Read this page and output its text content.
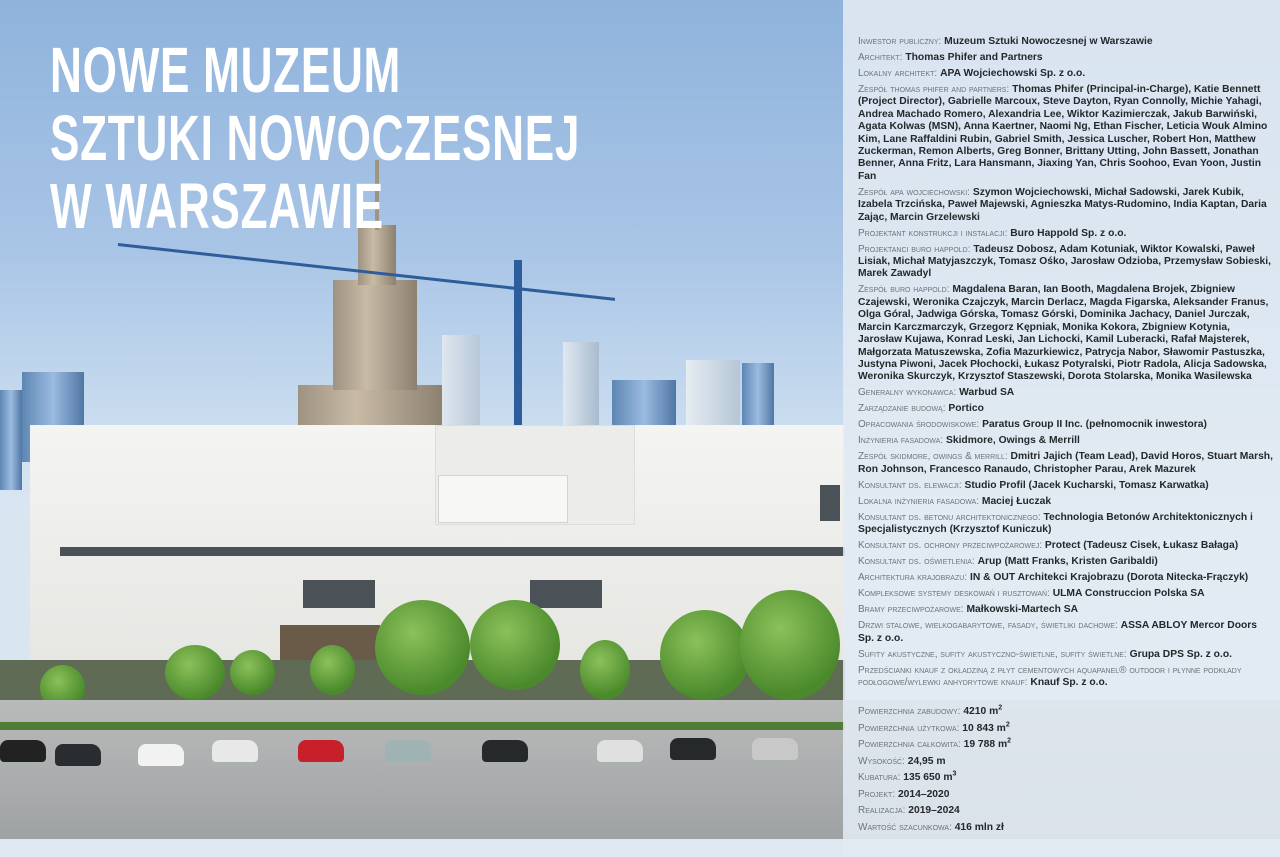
NOWE MUZEUM
SZTUKI NOWOCZESNEJ
W WARSZAWIE
Inwestor publiczny: Muzeum Sztuki Nowoczesnej w Warszawie
Architekt: Thomas Phifer and Partners
Lokalny architekt: APA Wojciechowski Sp. z o.o.
Zespół thomas phifer and partners: Thomas Phifer (Principal-in-Charge), Katie Bennett (Project Director), Gabrielle Marcoux, Steve Dayton, Ryan Connolly, Michie Yahagi, Andrea Machado Romero, Alexandria Lee, Wiktor Kazimierczak, Jakub Barwiński, Agata Kolwas (MSN), Anna Kaertner, Naomi Ng, Ethan Fischer, Leticia Wouk Almino Kim, Lane Raffaldini Rubin, Gabriel Smith, Jessica Luscher, Robert Hon, Matthew Zuckerman, Remon Alberts, Greg Bonner, Brittany Utting, John Bassett, Jonathan Benner, Anna Fritz, Lara Hansmann, Jiaxing Yan, Chris Soohoo, Evan Yoon, Justin Fan
Zespół apa wojciechowski: Szymon Wojciechowski, Michał Sadowski, Jarek Kubik, Izabela Trzcińska, Paweł Majewski, Agnieszka Matys-Rudomino, India Kaptan, Daria Zając, Marcin Grzelewski
Projektant konstrukcji i instalacji: Buro Happold Sp. z o.o.
Projektanci buro happold: Tadeusz Dobosz, Adam Kotuniak, Wiktor Kowalski, Paweł Lisiak, Michał Matyjaszczyk, Tomasz Ośko, Jarosław Odzioba, Przemysław Sobieski, Marek Zawadyl
Zespół buro happold: Magdalena Baran, Ian Booth, Magdalena Brojek, Zbigniew Czajewski, Weronika Czajczyk, Marcin Derlacz, Magda Figarska, Aleksander Franus, Olga Góral, Jadwiga Górska, Tomasz Górski, Dominika Jachacy, Daniel Jurczak, Marcin Karczmarczyk, Grzegorz Kępniak, Monika Kokora, Zbigniew Kotynia, Jarosław Kujawa, Konrad Leski, Jan Lichocki, Kamil Luberacki, Rafał Majsterek, Małgorzata Matuszewska, Zofia Mazurkiewicz, Patrycja Nabor, Sławomir Pastuszka, Justyna Piwoni, Jacek Płochocki, Łukasz Potyralski, Piotr Radola, Alicja Sadowska, Weronika Skurczyk, Krzysztof Staszewski, Dorota Stolarska, Monika Wasilewska
Generalny wykonawca: Warbud SA
Zarządzanie budową: Portico
Opracowania środowiskowe: Paratus Group II Inc. (pełnomocnik inwestora)
Inżynieria fasadowa: Skidmore, Owings & Merrill
Zespół skidmore, owings & merrill: Dmitri Jajich (Team Lead), David Horos, Stuart Marsh, Ron Johnson, Francesco Ranaudo, Christopher Parau, Arek Mazurek
Konsultant ds. elewacji: Studio Profil (Jacek Kucharski, Tomasz Karwatka)
Lokalna inżynieria fasadowa: Maciej Łuczak
Konsultant ds. betonu architektonicznego: Technologia Betonów Architektonicznych i Specjalistycznych (Krzysztof Kuniczuk)
Konsultant ds. ochrony przeciwpożarowej: Protect (Tadeusz Cisek, Łukasz Bałaga)
Konsultant ds. oświetlenia: Arup (Matt Franks, Kristen Garibaldi)
Architektura krajobrazu: IN & OUT Architekci Krajobrazu (Dorota Nitecka-Frączyk)
Kompleksowe systemy deskowań i rusztowań: ULMA Construccion Polska SA
Bramy przeciwpożarowe: Małkowski-Martech SA
Drzwi stalowe, wielkogabarytowe, fasady, świetliki dachowe: ASSA ABLOY Mercor Doors Sp. z o.o.
Sufity akustyczne, sufity akustyczno-świetlne, sufity świetlne: Grupa DPS Sp. z o.o.
Przedścianki knauf z okładziną z płyt cementowych aquapanel® outdoor i płynne podkłady podłogowe/wylewki anhydrytowe knauf: Knauf Sp. z o.o.
Powierzchnia zabudowy: 4210 $m^2$
Powierzchnia użytkowa: 10 843 $m^2$
Powierzchnia całkowita: 19 788 $m^2$
Wysokość: 24,95 m
Kubatura: 135 650 $m^3$
Projekt: 2014–2020
Realizacja: 2019–2024
Wartość szacunkowa: 416 mln zł
